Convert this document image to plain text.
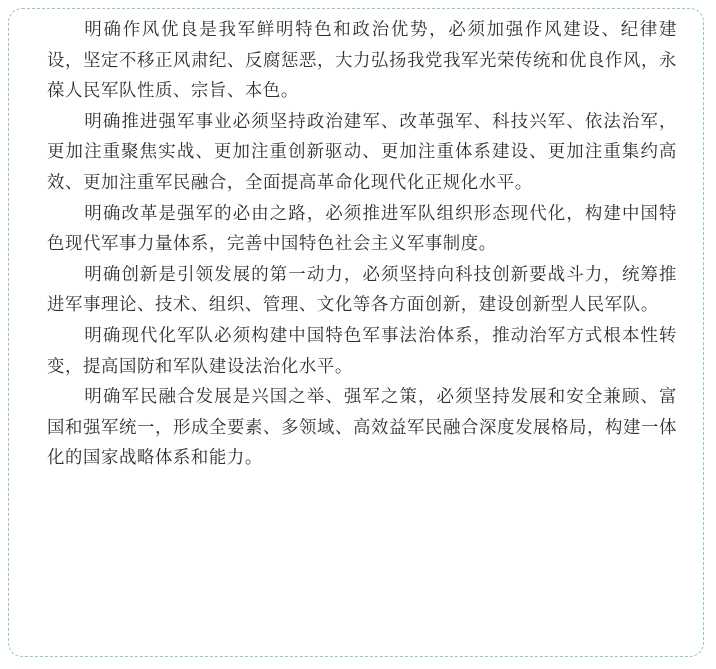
明确作风优良是我军鲜明特色和政治优势，必须加强作风建设、纪律建设，坚定不移正风肃纪、反腐惩恶，大力弘扬我党我军光荣传统和优良作风，永葆人民军队性质、宗旨、本色。

明确推进强军事业必须坚持政治建军、改革强军、科技兴军、依法治军，更加注重聚焦实战、更加注重创新驱动、更加注重体系建设、更加注重集约高效、更加注重军民融合，全面提高革命化现代化正规化水平。

明确改革是强军的必由之路，必须推进军队组织形态现代化，构建中国特色现代军事力量体系，完善中国特色社会主义军事制度。

明确创新是引领发展的第一动力，必须坚持向科技创新要战斗力，统筹推进军事理论、技术、组织、管理、文化等各方面创新，建设创新型人民军队。

明确现代化军队必须构建中国特色军事法治体系，推动治军方式根本性转变，提高国防和军队建设法治化水平。

明确军民融合发展是兴国之举、强军之策，必须坚持发展和安全兼顾、富国和强军统一，形成全要素、多领域、高效益军民融合深度发展格局，构建一体化的国家战略体系和能力。
